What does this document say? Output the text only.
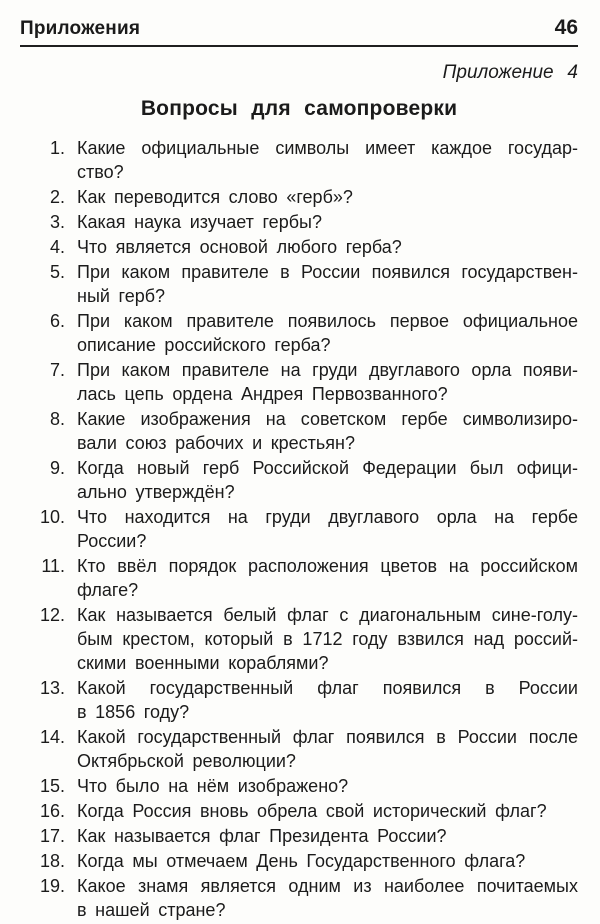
Приложения	46
Приложение 4
Вопросы для самопроверки
1. Какие официальные символы имеет каждое государ-
ство?
2. Как переводится слово «герб»?
3. Какая наука изучает гербы?
4. Что является основой любого герба?
5. При каком правителе в России появился государствен-
ный герб?
6. При каком правителе появилось первое официальное
описание российского герба?
7. При каком правителе на груди двуглавого орла появи-
лась цепь ордена Андрея Первозванного?
8. Какие изображения на советском гербе символизиро-
вали союз рабочих и крестьян?
9. Когда новый герб Российской Федерации был офици-
ально утверждён?
10. Что находится на груди двуглавого орла на гербе
России?
11. Кто ввёл порядок расположения цветов на российском
флаге?
12. Как называется белый флаг с диагональным сине-голу-
бым крестом, который в 1712 году взвился над россий-
скими военными кораблями?
13. Какой государственный флаг появился в России
в 1856 году?
14. Какой государственный флаг появился в России после
Октябрьской революции?
15. Что было на нём изображено?
16. Когда Россия вновь обрела свой исторический флаг?
17. Как называется флаг Президента России?
18. Когда мы отмечаем День Государственного флага?
19. Какое знамя является одним из наиболее почитаемых
в нашей стране?
